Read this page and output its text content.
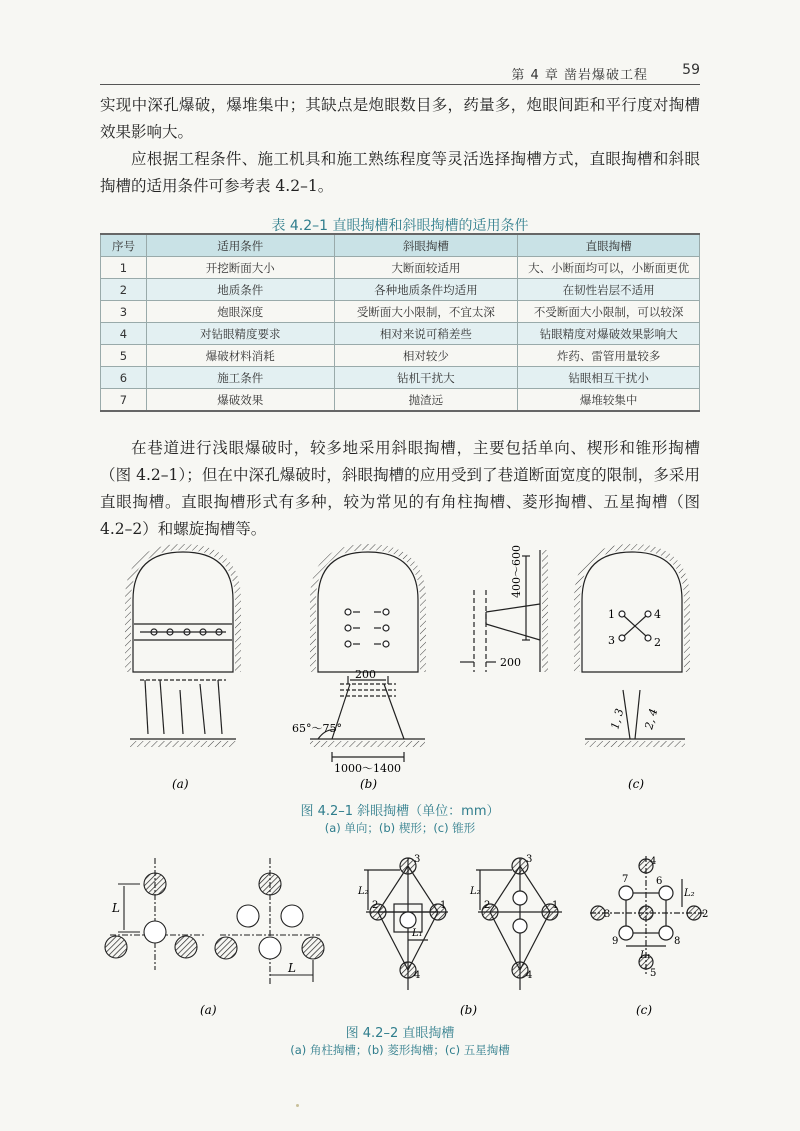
第 4 章 凿岩爆破工程 59

实现中深孔爆破，爆堆集中；其缺点是炮眼数目多，药量多，炮眼间距和平行度对掏槽效果影响大。

应根据工程条件、施工机具和施工熟练程度等灵活选择掏槽方式，直眼掏槽和斜眼掏槽的适用条件可参考表 4.2–1。

表 4.2–1 直眼掏槽和斜眼掏槽的适用条件
序号	适用条件	斜眼掏槽	直眼掏槽
1	开挖断面大小	大断面较适用	大、小断面均可以，小断面更优
2	地质条件	各种地质条件均适用	在韧性岩层不适用
3	炮眼深度	受断面大小限制，不宜太深	不受断面大小限制，可以较深
4	对钻眼精度要求	相对来说可稍差些	钻眼精度对爆破效果影响大
5	爆破材料消耗	相对较少	炸药、雷管用量较多
6	施工条件	钻机干扰大	钻眼相互干扰小
7	爆破效果	抛渣远	爆堆较集中

在巷道进行浅眼爆破时，较多地采用斜眼掏槽，主要包括单向、楔形和锥形掏槽（图 4.2–1）；但在中深孔爆破时，斜眼掏槽的应用受到了巷道断面宽度的限制，多采用直眼掏槽。直眼掏槽形式有多种，较为常见的有角柱掏槽、菱形掏槽、五星掏槽（图 4.2–2）和螺旋掏槽等。

(a)
200
65°～75°
1000～1400
(b)
400～600
200
1	4
3	2
1, 3 2, 4
(c)
图 4.2–1 斜眼掏槽（单位：mm）
(a) 单向；(b) 楔形；(c) 锥形
L
L
(a)
3
1
4
2
L₂
L₁
3
1
4
2
L₂
(b)
4
2
3
5
6
7
8
9
L₁
L₂
(c)
图 4.2–2 直眼掏槽
(a) 角柱掏槽；(b) 菱形掏槽；(c) 五星掏槽
